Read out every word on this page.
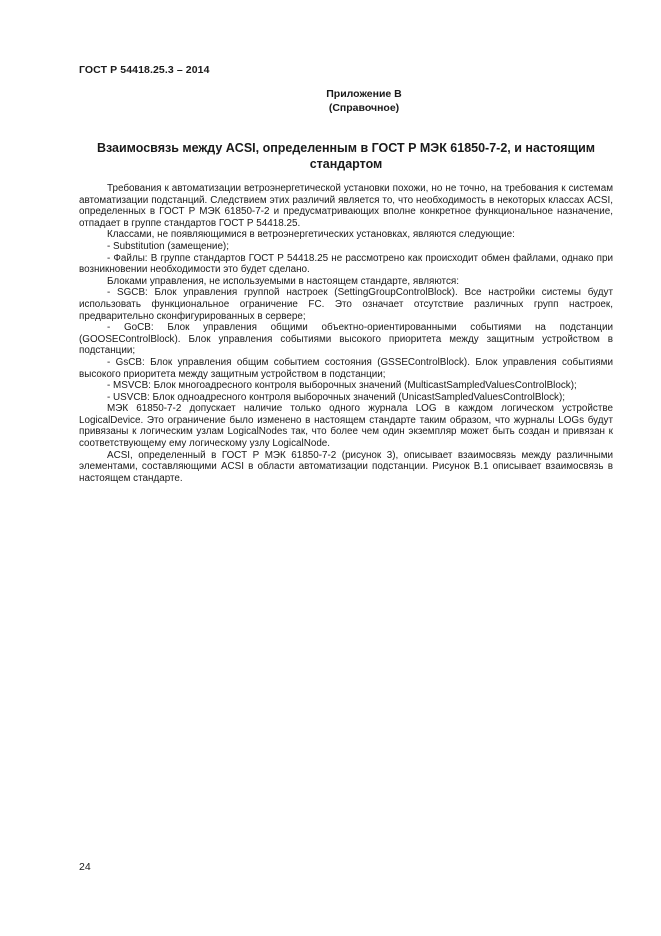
ГОСТ Р 54418.25.3 – 2014
Приложение В
(Справочное)
Взаимосвязь между ACSI, определенным в ГОСТ Р МЭК 61850-7-2, и настоящим стандартом

Требования к автоматизации ветроэнергетической установки похожи, но не точно, на требования к системам автоматизации подстанций. Следствием этих различий является то, что необходимость в некоторых классах ACSI, определенных в ГОСТ Р МЭК 61850-7-2 и предусматривающих вполне конкретное функциональное назначение, отпадает в группе стандартов ГОСТ Р 54418.25.

Классами, не появляющимися в ветроэнергетических установках, являются следующие:

- Substitution (замещение);

- Файлы: В группе стандартов ГОСТ Р 54418.25 не рассмотрено как происходит обмен файлами, однако при возникновении необходимости это будет сделано.

Блоками управления, не используемыми в настоящем стандарте, являются:

- SGCB: Блок управления группой настроек (SettingGroupControlBlock). Все настройки системы будут использовать функциональное ограничение FC. Это означает отсутствие различных групп настроек, предварительно сконфигурированных в сервере;

- GoCB: Блок управления общими объектно-ориентированными событиями на подстанции (GOOSEControlBlock). Блок управления событиями высокого приоритета между защитным устройством в подстанции;

- GsCB: Блок управления общим событием состояния (GSSEControlBlock). Блок управления событиями высокого приоритета между защитным устройством в подстанции;

- MSVCB: Блок многоадресного контроля выборочных значений (MulticastSampledValuesControlBlock);

- USVCB: Блок одноадресного контроля выборочных значений (UnicastSampledValuesControlBlock);

МЭК 61850-7-2 допускает наличие только одного журнала LOG в каждом логическом устройстве LogicalDevice. Это ограничение было изменено в настоящем стандарте таким образом, что журналы LOGs будут привязаны к логическим узлам LogicalNodes так, что более чем один экземпляр может быть создан и привязан к соответствующему ему логическому узлу LogicalNode.

ACSI, определенный в ГОСТ Р МЭК 61850-7-2 (рисунок 3), описывает взаимосвязь между различными элементами, составляющими ACSI в области автоматизации подстанции. Рисунок В.1 описывает взаимосвязь в настоящем стандарте.

24
